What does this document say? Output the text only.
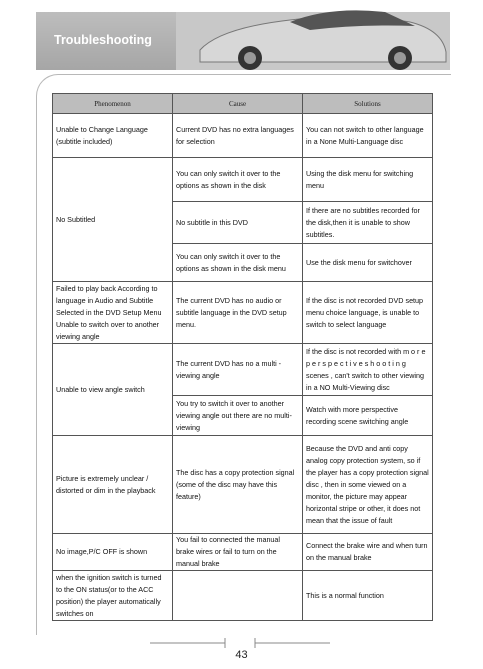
Troubleshooting
Phenomenon	Cause	Solutions
Unable to Change Language (subtitle included)	Current DVD has no extra languages for selection	You can not switch to other language in a None Multi-Language disc
No Subtitled	You can only switch it over to the options as shown in the disk	Using the disk menu for switching menu
	No subtitle in this DVD	If there are no subtitles recorded for the disk,then it is unable to show subtitles.
	You can only switch it over to the options as shown in the disk menu	Use the disk menu for switchover
Failed to play back According to language in Audio and Subtitle Selected in the DVD Setup Menu Unable to switch over to another viewing angle	The current DVD has no audio or subtitle language in the DVD setup menu.	If the disc is not recorded DVD setup menu choice language, is unable to switch to select language
Unable to view angle switch	The current DVD has no a multi -viewing angle	If the disc is not recorded with m o r e p e r s p e c t i v e s h o o t i n g scenes , can't switch to other viewing in a NO Multi-Viewing disc
	You try to switch it over to another viewing angle out there are no multi-viewing	Watch with more perspective recording scene switching angle
Picture is extremely unclear / distorted or dim in the playback	The disc has a copy protection signal (some of the disc may have this feature)	Because the DVD and anti copy analog copy protection system, so if the player has a copy protection signal disc , then in some viewed on a monitor, the picture may appear horizontal stripe or other, it does not mean that the issue of fault
No image,P/C OFF is shown	You fail to connected the manual brake wires or fail to turn on the manual brake	Connect the brake wire and when turn on the manual brake
when the ignition switch is turned to the ON status(or to the ACC position) the player automatically switches on		This is a normal function
43
